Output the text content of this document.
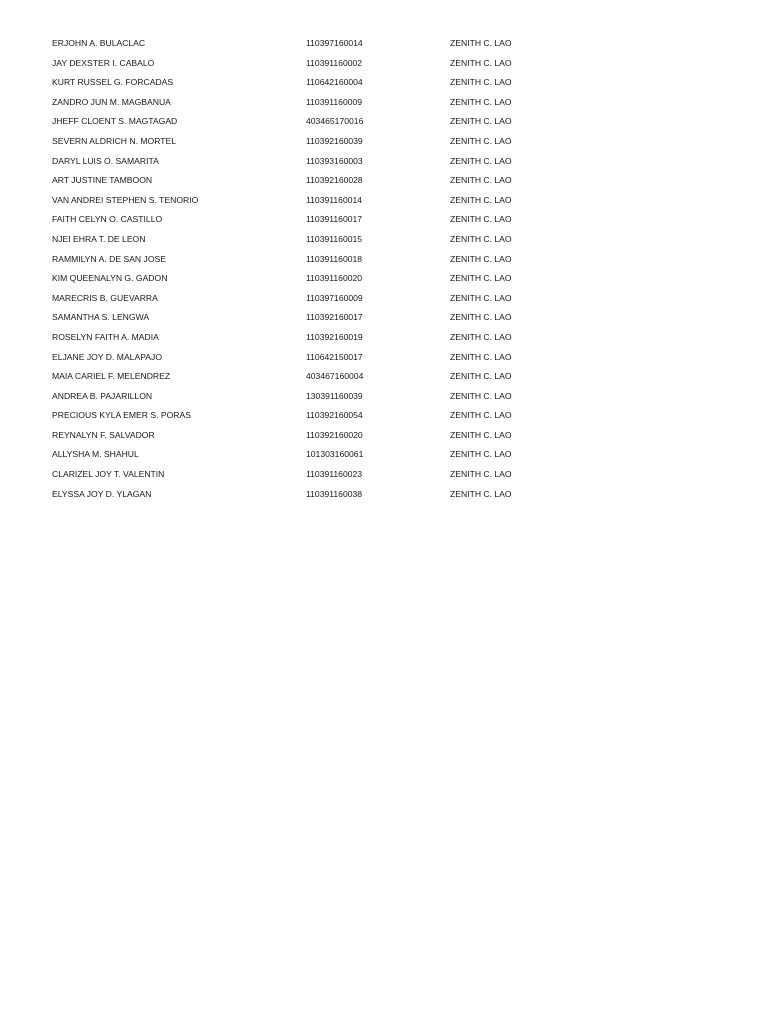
ERJOHN A. BULACLAC	110397160014	ZENITH C. LAO
JAY DEXSTER I. CABALO	110391160002	ZENITH C. LAO
KURT RUSSEL G. FORCADAS	110642160004	ZENITH C. LAO
ZANDRO JUN M. MAGBANUA	110391160009	ZENITH C. LAO
JHEFF CLOENT S. MAGTAGAD	403465170016	ZENITH C. LAO
SEVERN ALDRICH N. MORTEL	110392160039	ZENITH C. LAO
DARYL LUIS O. SAMARITA	110393160003	ZENITH C. LAO
ART JUSTINE TAMBOON	110392160028	ZENITH C. LAO
VAN ANDREI STEPHEN S. TENORIO	110391160014	ZENITH C. LAO
FAITH CELYN O. CASTILLO	110391160017	ZENITH C. LAO
NJEI EHRA T. DE LEON	110391160015	ZENITH C. LAO
RAMMILYN A. DE SAN JOSE	110391160018	ZENITH C. LAO
KIM QUEENALYN G. GADON	110391160020	ZENITH C. LAO
MARECRIS B. GUEVARRA	110397160009	ZENITH C. LAO
SAMANTHA S. LENGWA	110392160017	ZENITH C. LAO
ROSELYN FAITH A. MADIA	110392160019	ZENITH C. LAO
ELJANE JOY D. MALAPAJO	110642150017	ZENITH C. LAO
MAIA CARIEL F. MELENDREZ	403467160004	ZENITH C. LAO
ANDREA B. PAJARILLON	130391160039	ZENITH C. LAO
PRECIOUS KYLA EMER S. PORAS	110392160054	ZENITH C. LAO
REYNALYN F. SALVADOR	110392160020	ZENITH C. LAO
ALLYSHA M. SHAHUL	101303160061	ZENITH C. LAO
CLARIZEL JOY T. VALENTIN	110391160023	ZENITH C. LAO
ELYSSA JOY D. YLAGAN	110391160038	ZENITH C. LAO
